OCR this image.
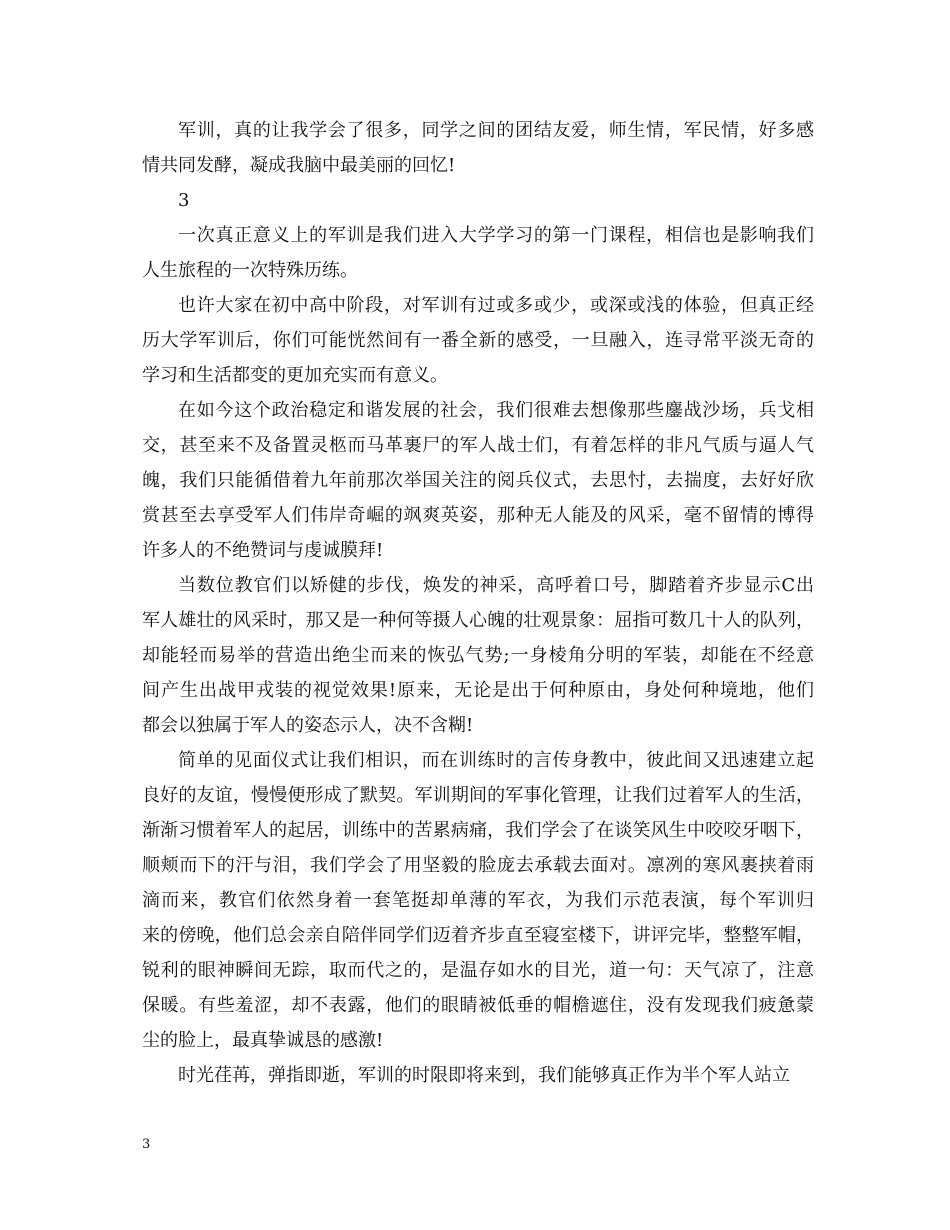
军训，真的让我学会了很多，同学之间的团结友爱，师生情，军民情，好多感
情共同发酵，凝成我脑中最美丽的回忆!
3
一次真正意义上的军训是我们进入大学学习的第一门课程，相信也是影响我们
人生旅程的一次特殊历练。
也许大家在初中高中阶段，对军训有过或多或少，或深或浅的体验，但真正经
历大学军训后，你们可能恍然间有一番全新的感受，一旦融入，连寻常平淡无奇的
学习和生活都变的更加充实而有意义。
在如今这个政治稳定和谐发展的社会，我们很难去想像那些鏖战沙场，兵戈相
交，甚至来不及备置灵柩而马革裹尸的军人战士们，有着怎样的非凡气质与逼人气
魄，我们只能循借着九年前那次举国关注的阅兵仪式，去思忖，去揣度，去好好欣
赏甚至去享受军人们伟岸奇崛的飒爽英姿，那种无人能及的风采，毫不留情的博得
许多人的不绝赞词与虔诚膜拜!
当数位教官们以矫健的步伐，焕发的神采，高呼着口号，脚踏着齐步显示C出
军人雄壮的风采时，那又是一种何等摄人心魄的壮观景象：屈指可数几十人的队列，
却能轻而易举的营造出绝尘而来的恢弘气势;一身棱角分明的军装，却能在不经意
间产生出战甲戎装的视觉效果!原来，无论是出于何种原由，身处何种境地，他们
都会以独属于军人的姿态示人，决不含糊!
简单的见面仪式让我们相识，而在训练时的言传身教中，彼此间又迅速建立起
良好的友谊，慢慢便形成了默契。军训期间的军事化管理，让我们过着军人的生活，
渐渐习惯着军人的起居，训练中的苦累病痛，我们学会了在谈笑风生中咬咬牙咽下，
顺颊而下的汗与泪，我们学会了用坚毅的脸庞去承载去面对。凛冽的寒风裹挟着雨
滴而来，教官们依然身着一套笔挺却单薄的军衣，为我们示范表演，每个军训归
来的傍晚，他们总会亲自陪伴同学们迈着齐步直至寝室楼下，讲评完毕，整整军帽，
锐利的眼神瞬间无踪，取而代之的，是温存如水的目光，道一句：天气凉了，注意
保暖。有些羞涩，却不表露，他们的眼睛被低垂的帽檐遮住，没有发现我们疲惫蒙
尘的脸上，最真挚诚恳的感激!
时光荏苒，弹指即逝，军训的时限即将来到，我们能够真正作为半个军人站立
3
